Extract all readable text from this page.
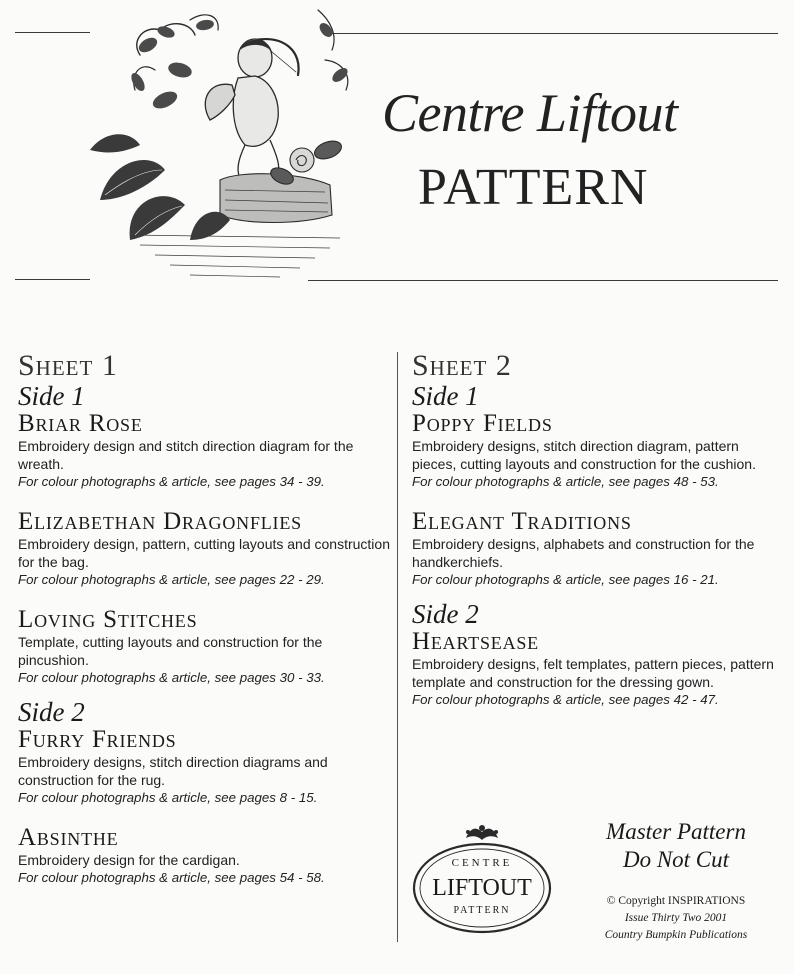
Centre Liftout
PATTERN

Sheet 1

Side 1

Briar Rose

Embroidery design and stitch direction diagram for the wreath.

For colour photographs & article, see pages 34 - 39.

Elizabethan Dragonflies

Embroidery design, pattern, cutting layouts and construction for the bag.

For colour photographs & article, see pages 22 - 29.

Loving Stitches

Template, cutting layouts and construction for the pincushion.

For colour photographs & article, see pages 30 - 33.

Side 2

Furry Friends

Embroidery designs, stitch direction diagrams and construction for the rug.

For colour photographs & article, see pages 8 - 15.

Absinthe

Embroidery design for the cardigan.

For colour photographs & article, see pages 54 - 58.

Sheet 2

Side 1

Poppy Fields

Embroidery designs, stitch direction diagram, pattern pieces, cutting layouts and construction for the cushion.

For colour photographs & article, see pages 48 - 53.

Elegant Traditions

Embroidery designs, alphabets and construction for the handkerchiefs.

For colour photographs & article, see pages 16 - 21.

Side 2

Heartsease

Embroidery designs, felt templates, pattern pieces, pattern template and construction for the dressing gown.

For colour photographs & article, see pages 42 - 47.

CENTRE
LIFTOUT
PATTERN
Master Pattern
Do Not Cut
© Copyright INSPIRATIONS
Issue Thirty Two 2001
Country Bumpkin Publications
